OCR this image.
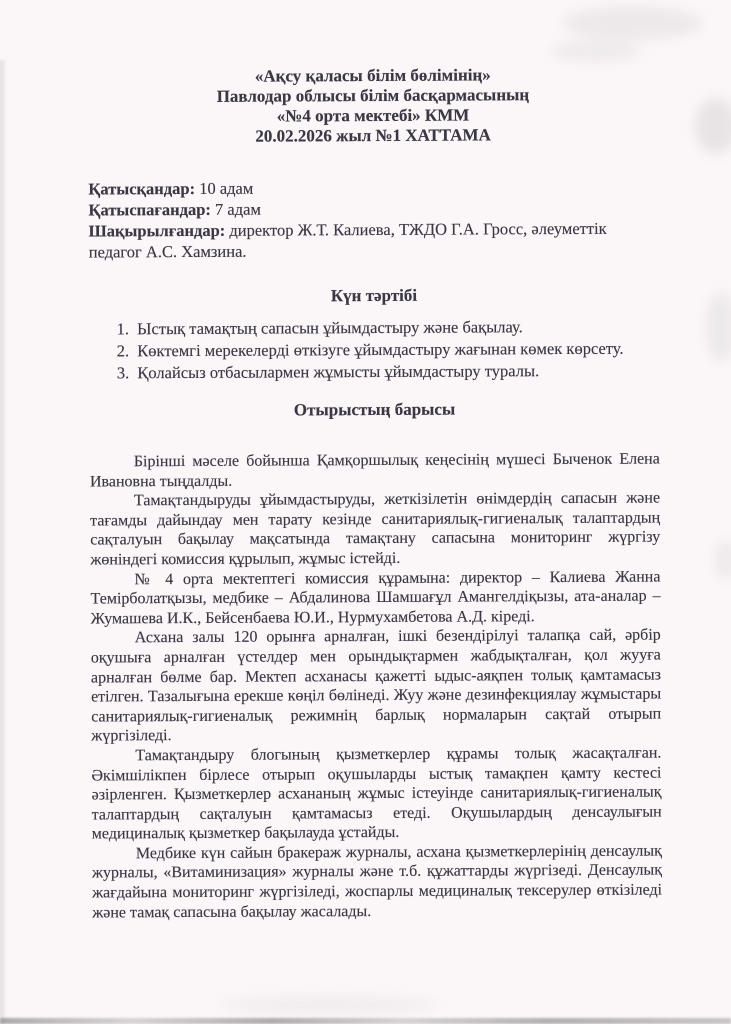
«Ақсу қаласы білім бөлімінің»

Павлодар облысы білім басқармасының

«№4 орта мектебі» КММ

20.02.2026 жыл №1 ХАТТАМА

Қатысқандар: 10 адам

Қатыспағандар: 7 адам

Шақырылғандар: директор Ж.Т. Калиева, ТЖДО Г.А. Гросс, әлеуметтік педагог А.С. Хамзина.

Күн тәртібі

1. Ыстық тамақтың сапасын ұйымдастыру және бақылау.
2. Көктемгі мерекелерді өткізуге ұйымдастыру жағынан көмек көрсету.
3. Қолайсыз отбасылармен жұмысты ұйымдастыру туралы.

Отырыстың барысы

Бірінші мәселе бойынша Қамқоршылық кеңесінің мүшесі Быченок Елена Ивановна тыңдалды.

Тамақтандыруды ұйымдастыруды, жеткізілетін өнімдердің сапасын және тағамды дайындау мен тарату кезінде санитариялық-гигиеналық талаптардың сақталуын бақылау мақсатында тамақтану сапасына мониторинг жүргізу жөніндегі комиссия құрылып, жұмыс істейді.

№ 4 орта мектептегі комиссия құрамына: директор – Калиева Жанна Темірболатқызы, медбике – Абдалинова Шамшағұл Амангелдіқызы, ата-аналар – Жумашева И.К., Бейсенбаева Ю.И., Нурмухамбетова А.Д. кіреді.

Асхана залы 120 орынға арналған, ішкі безендірілуі талапқа сай, әрбір оқушыға арналған үстелдер мен орындықтармен жабдықталған, қол жууға арналған бөлме бар. Мектеп асханасы қажетті ыдыс-аяқпен толық қамтамасыз етілген. Тазалығына ерекше көңіл бөлінеді. Жуу және дезинфекциялау жұмыстары санитариялық-гигиеналық режимнің барлық нормаларын сақтай отырып жүргізіледі.

Тамақтандыру блогының қызметкерлер құрамы толық жасақталған. Әкімшілікпен бірлесе отырып оқушыларды ыстық тамақпен қамту кестесі әзірленген. Қызметкерлер асхананың жұмыс істеуінде санитариялық-гигиеналық талаптардың сақталуын қамтамасыз етеді. Оқушылардың денсаулығын медициналық қызметкер бақылауда ұстайды.

Медбике күн сайын бракераж журналы, асхана қызметкерлерінің денсаулық журналы, «Витаминизация» журналы және т.б. құжаттарды жүргізеді. Денсаулық жағдайына мониторинг жүргізіледі, жоспарлы медициналық тексерулер өткізіледі және тамақ сапасына бақылау жасалады.
